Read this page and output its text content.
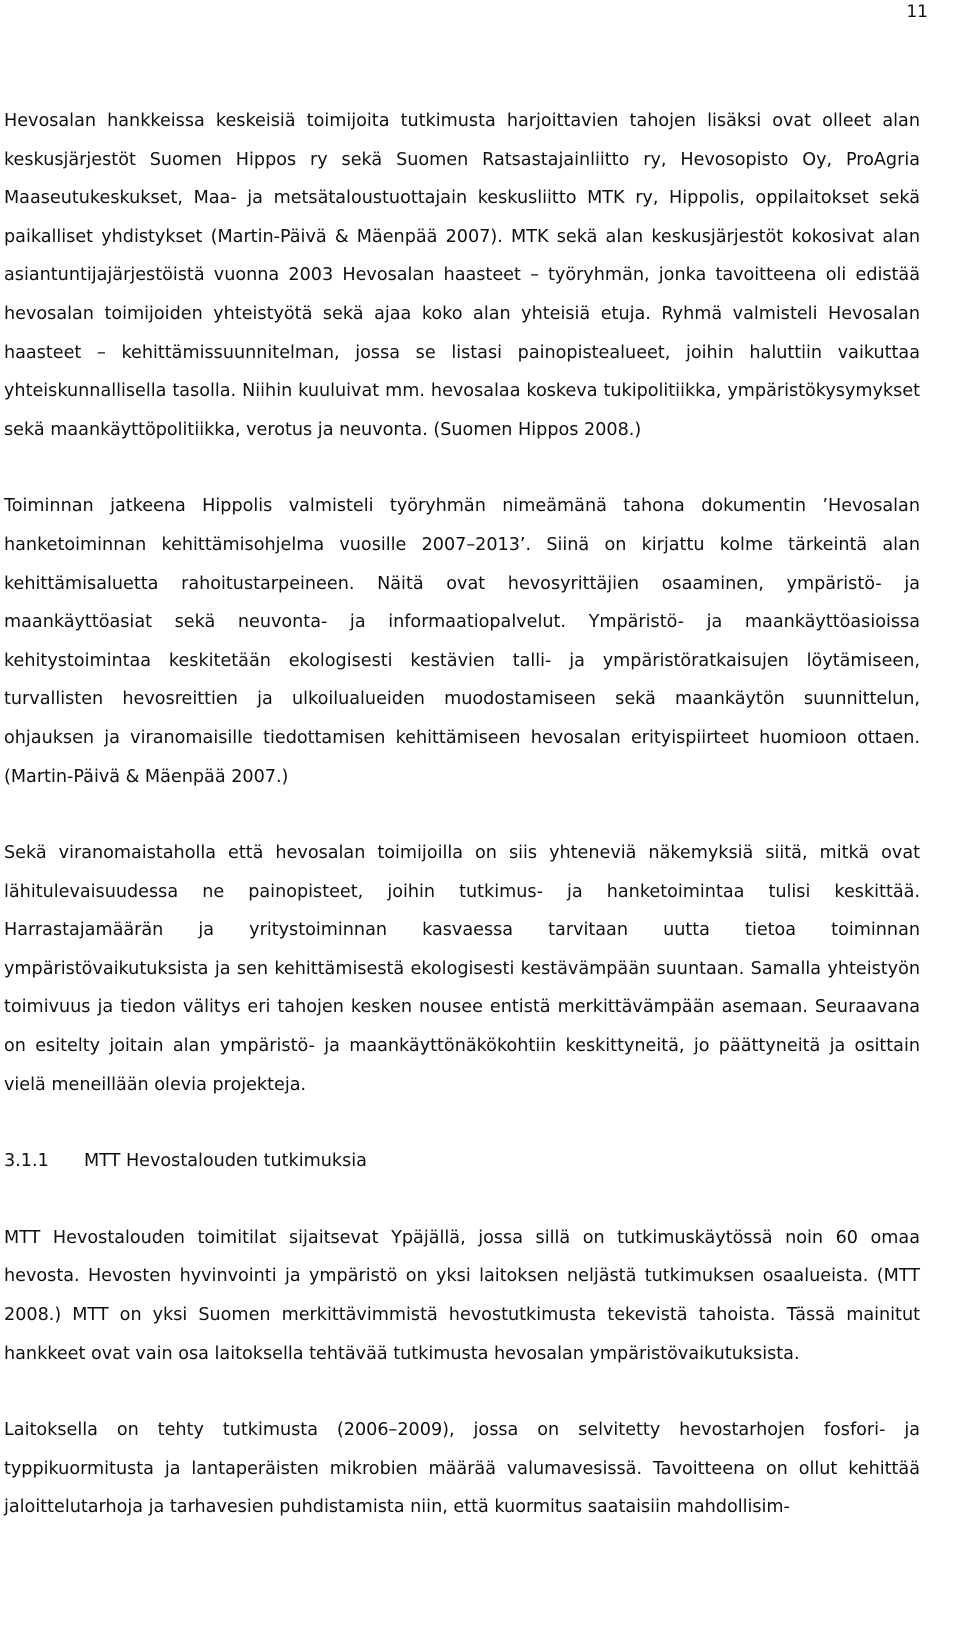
11

Hevosalan hankkeissa keskeisiä toimijoita tutkimusta harjoittavien tahojen lisäksi ovat olleet alan keskusjärjestöt Suomen Hippos ry sekä Suomen Ratsastajainliitto ry, Hevosopisto Oy, ProAgria Maaseutukeskukset, Maa- ja metsätaloustuottajain keskusliitto MTK ry, Hippolis, oppilaitokset sekä paikalliset yhdistykset (Martin-Päivä & Mäenpää 2007). MTK sekä alan keskusjärjestöt kokosivat alan asiantuntijajärjestöistä vuonna 2003 Hevosalan haasteet – työryhmän, jonka tavoitteena oli edistää hevosalan toimijoiden yhteistyötä sekä ajaa koko alan yhteisiä etuja. Ryhmä valmisteli Hevosalan haasteet – kehittämissuunnitelman, jossa se listasi painopistealueet, joihin haluttiin vaikuttaa yhteiskunnallisella tasolla. Niihin kuuluivat mm. hevosalaa koskeva tukipolitiikka, ympäristökysymykset sekä maankäyttöpolitiikka, verotus ja neuvonta. (Suomen Hippos 2008.)

Toiminnan jatkeena Hippolis valmisteli työryhmän nimeämänä tahona dokumentin ’Hevosalan hanketoiminnan kehittämisohjelma vuosille 2007–2013’. Siinä on kirjattu kolme tärkeintä alan kehittämisaluetta rahoitustarpeineen. Näitä ovat hevosyrittäjien osaaminen, ympäristö- ja maankäyttöasiat sekä neuvonta- ja informaatiopalvelut. Ympäristö- ja maankäyttöasioissa kehitystoimintaa keskitetään ekologisesti kestävien talli- ja ympäristöratkaisujen löytämiseen, turvallisten hevosreittien ja ulkoilualueiden muodostamiseen sekä maankäytön suunnittelun, ohjauksen ja viranomaisille tiedottamisen kehittämiseen hevosalan erityispiirteet huomioon ottaen. (Martin-Päivä & Mäenpää 2007.)

Sekä viranomaistaholla että hevosalan toimijoilla on siis yhteneviä näkemyksiä siitä, mitkä ovat lähitulevaisuudessa ne painopisteet, joihin tutkimus- ja hanketoimintaa tulisi keskittää. Harrastajamäärän ja yritystoiminnan kasvaessa tarvitaan uutta tietoa toiminnan ympäristövaikutuksista ja sen kehittämisestä ekologisesti kestävämpään suuntaan. Samalla yhteistyön toimivuus ja tiedon välitys eri tahojen kesken nousee entistä merkittävämpään asemaan. Seuraavana on esitelty joitain alan ympäristö- ja maankäyttönäkökohtiin keskittyneitä, jo päättyneitä ja osittain vielä meneillään olevia projekteja.

3.1.1	MTT Hevostalouden tutkimuksia

MTT Hevostalouden toimitilat sijaitsevat Ypäjällä, jossa sillä on tutkimuskäytössä noin 60 omaa hevosta. Hevosten hyvinvointi ja ympäristö on yksi laitoksen neljästä tutkimuksen osaalueista. (MTT 2008.) MTT on yksi Suomen merkittävimmistä hevostutkimusta tekevistä tahoista. Tässä mainitut hankkeet ovat vain osa laitoksella tehtävää tutkimusta hevosalan ympäristövaikutuksista.

Laitoksella on tehty tutkimusta (2006–2009), jossa on selvitetty hevostarhojen fosfori- ja typpikuormitusta ja lantaperäisten mikrobien määrää valumavesissä. Tavoitteena on ollut kehittää jaloittelutarhoja ja tarhavesien puhdistamista niin, että kuormitus saataisiin mahdollisim-
